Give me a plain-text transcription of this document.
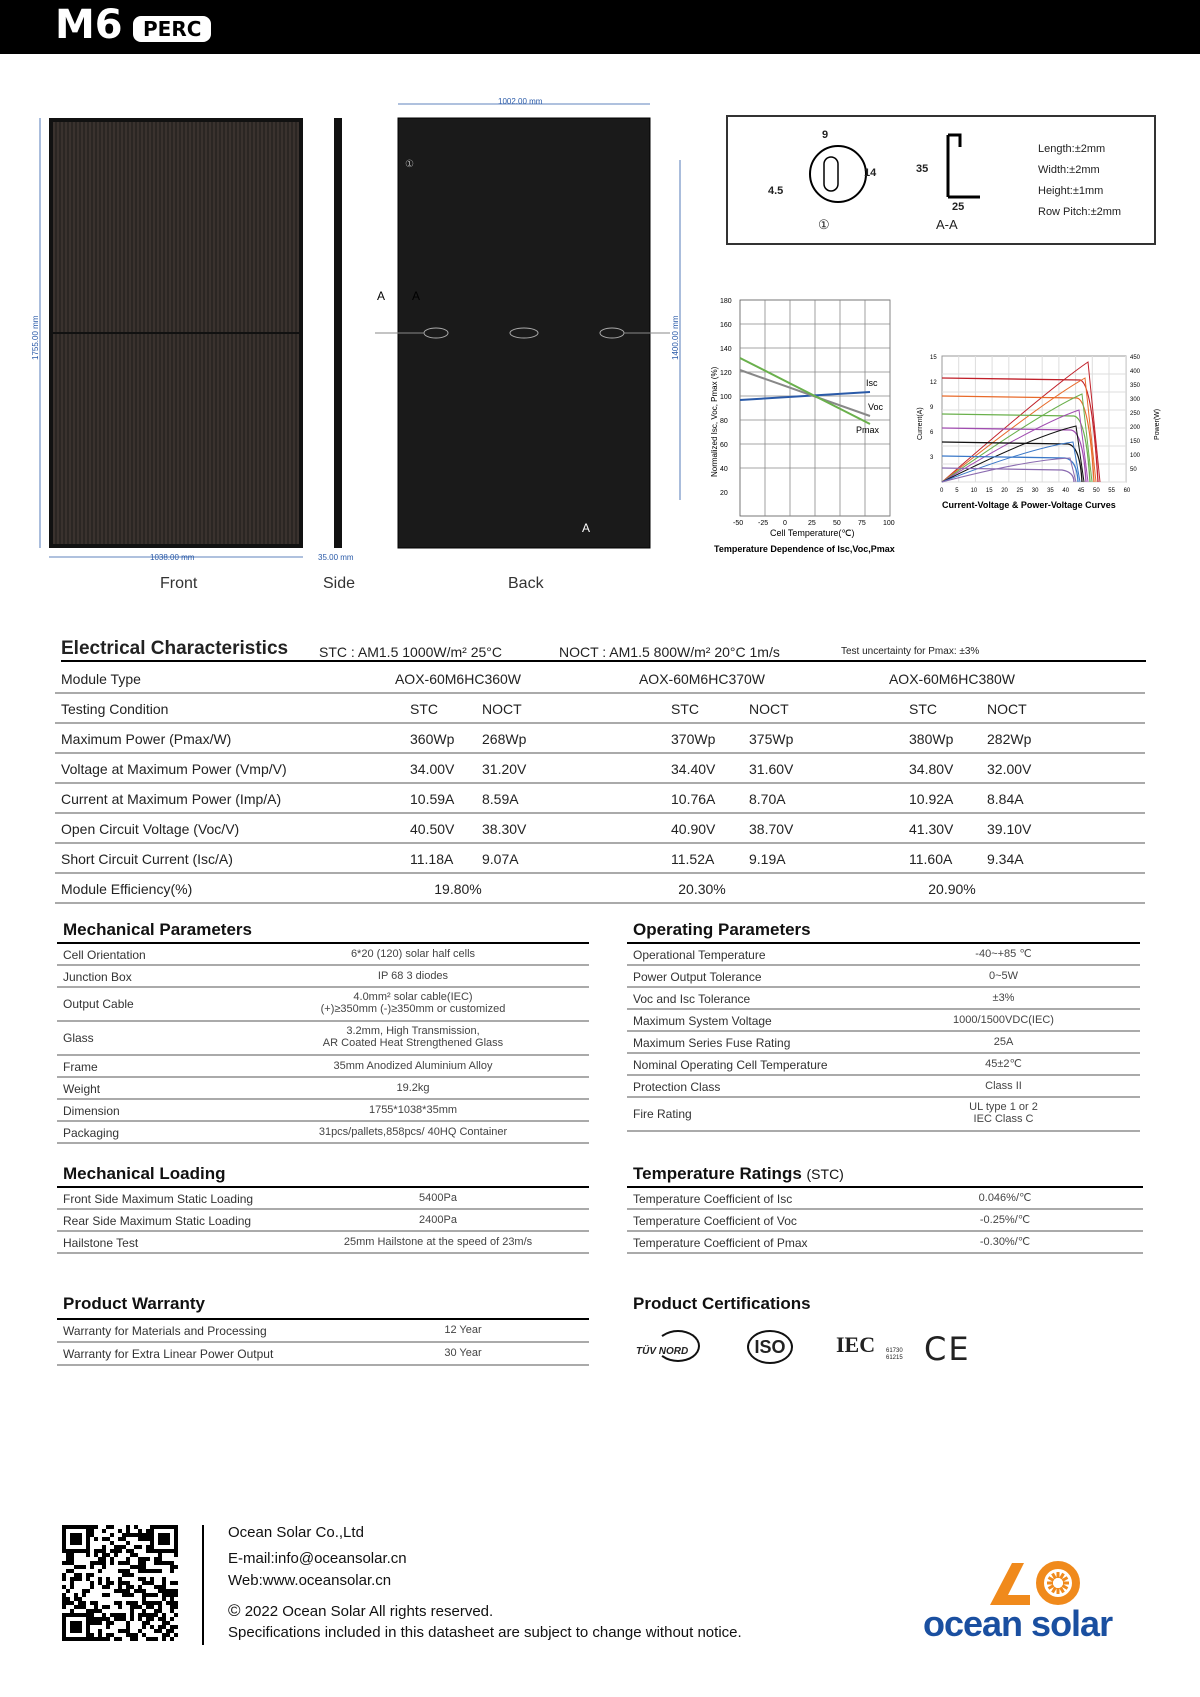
M6	PERC
1755.00 mm
1038.00 mm	35.00 mm
1002.00 mm
1400.00 mm
①
A A
A
Front	Side	Back
9
14
4.5
35
25
①	A-A
Length:±2mm
Width:±2mm
Height:±1mm
Row Pitch:±2mm
180
160
140
120
100
80
60
40
20
-50 -25 0	25 50 75 100
Isc
Voc
Pmax
Normalized Isc, Voc, Pmax (%)
Cell Temperature(℃)
Temperature Dependence of Isc,Voc,Pmax
15
12
9
6
3
450
400
350
300
250
200
150
100
50
0 5 10 15 20 25 30 35 40 45 50 55 60
Current(A)	Power(W)
Current-Voltage & Power-Voltage Curves
Electrical Characteristics STC : AM1.5 1000W/m² 25°C	NOCT : AM1.5 800W/m² 20°C 1m/s	Test uncertainty for Pmax: ±3%
Module Type	AOX-60M6HC360W	AOX-60M6HC370W	AOX-60M6HC380W
Testing Condition	STC	NOCT	STC	NOCT	STC	NOCT
Maximum Power (Pmax/W)	360Wp 268Wp	370Wp 375Wp	380Wp 282Wp
Voltage at Maximum Power (Vmp/V)	34.00V 31.20V	34.40V 31.60V	34.80V 32.00V
Current at Maximum Power (Imp/A)	10.59A 8.59A	10.76A 8.70A	10.92A 8.84A
Open Circuit Voltage (Voc/V)	40.50V 38.30V	40.90V 38.70V	41.30V 39.10V
Short Circuit Current (Isc/A)	11.18A 9.07A	11.52A 9.19A	11.60A 9.34A
Module Efficiency(%)	19.80%	20.30%	20.90%
Mechanical Parameters
Cell Orientation	6*20 (120) solar half cells
Junction Box	IP 68 3 diodes
Output Cable	4.0mm² solar cable(IEC)
(+)≥350mm (-)≥350mm or customized
Glass	3.2mm, High Transmission,
AR Coated Heat Strengthened Glass
Frame	35mm Anodized Aluminium Alloy
Weight	19.2kg
Dimension	1755*1038*35mm
Packaging	31pcs/pallets,858pcs/ 40HQ Container
Operating Parameters
Operational Temperature	-40~+85 ℃
Power Output Tolerance	0~5W
Voc and Isc Tolerance	±3%
Maximum System Voltage	1000/1500VDC(IEC)
Maximum Series Fuse Rating	25A
Nominal Operating Cell Temperature	45±2℃
Protection Class	Class II
Fire Rating	UL type 1 or 2
IEC Class C
Mechanical Loading
Front Side Maximum Static Loading	5400Pa
Rear Side Maximum Static Loading	2400Pa
Hailstone Test	25mm Hailstone at the speed of 23m/s
Temperature Ratings (STC)
Temperature Coefficient of Isc	0.046%/℃
Temperature Coefficient of Voc	-0.25%/℃
Temperature Coefficient of Pmax	-0.30%/℃
Product Warranty
Warranty for Materials and Processing	12 Year
Warranty for Extra Linear Power Output	30 Year
Product Certifications
TÜV NORD	ISO	IEC 61730
61215 CE
Ocean Solar Co.,Ltd
E-mail:info@oceansolar.cn
Web:www.oceansolar.cn
© 2022 Ocean Solar All rights reserved.
Specifications included in this datasheet are subject to change without notice.	ocean solar
